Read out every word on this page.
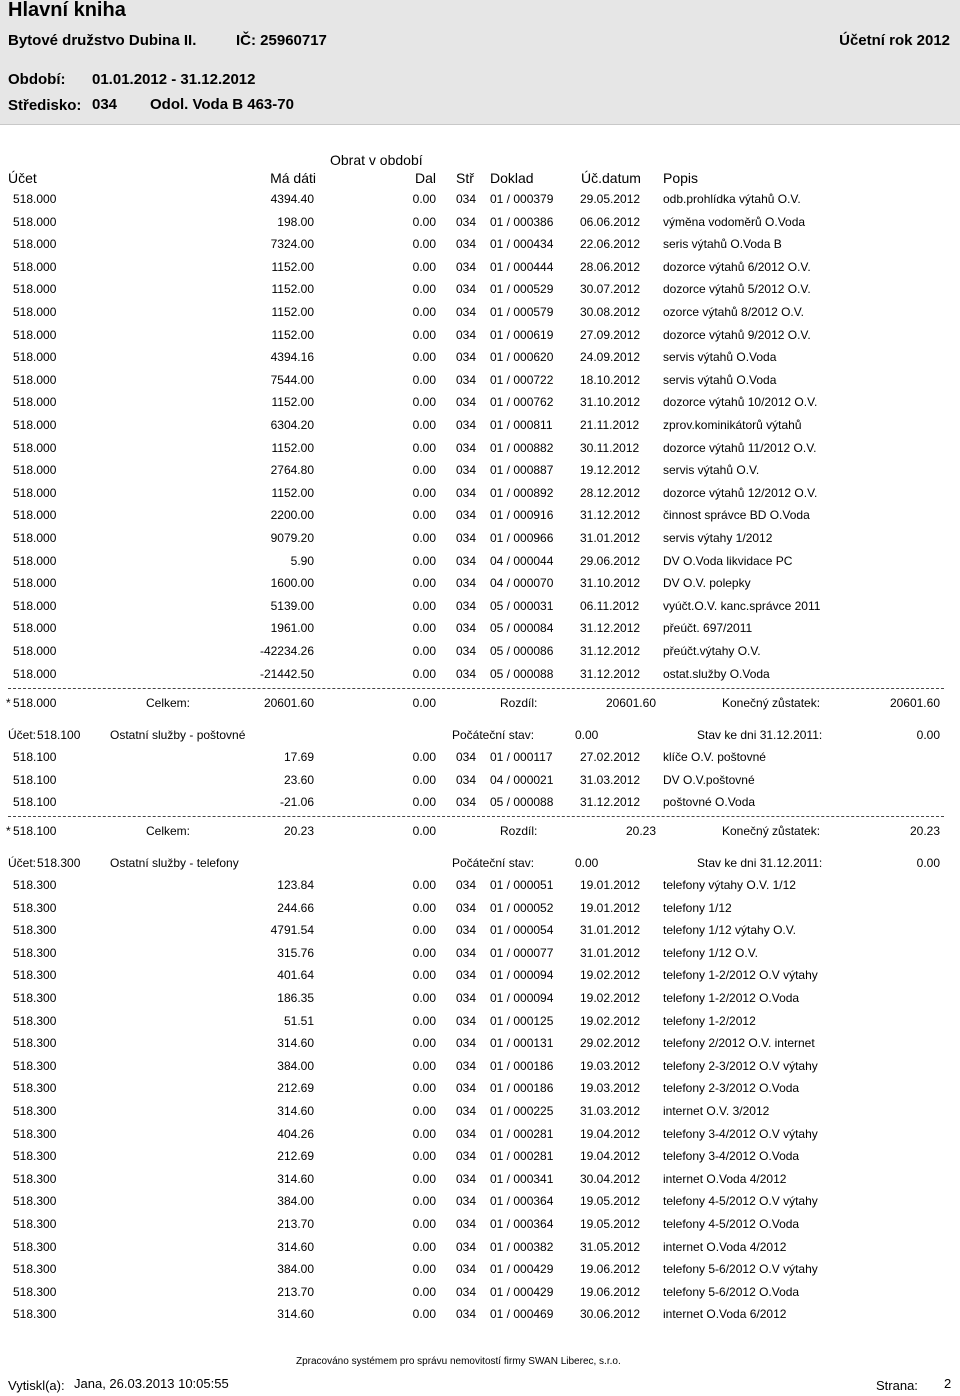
Hlavní kniha
Bytové družstvo Dubina II.	IČ: 25960717	Účetní rok 2012
Období: 01.01.2012 - 31.12.2012
Středisko: 034 Odol. Voda B 463-70
Obrat v období
Účet	Má dáti	Dal Stř Doklad	Úč.datum Popis
518.000	4394.40	0.00 034 01 / 000379 29.05.2012 odb.prohlídka výtahů O.V.
518.000	198.00	0.00 034 01 / 000386 06.06.2012 výměna vodoměrů O.Voda
518.000	7324.00	0.00 034 01 / 000434 22.06.2012 seris výtahů O.Voda B
518.000	1152.00	0.00 034 01 / 000444 28.06.2012 dozorce výtahů 6/2012 O.V.
518.000	1152.00	0.00 034 01 / 000529 30.07.2012 dozorce výtahů 5/2012 O.V.
518.000	1152.00	0.00 034 01 / 000579 30.08.2012 ozorce výtahů 8/2012 O.V.
518.000	1152.00	0.00 034 01 / 000619 27.09.2012 dozorce výtahů 9/2012 O.V.
518.000	4394.16	0.00 034 01 / 000620 24.09.2012 servis výtahů O.Voda
518.000	7544.00	0.00 034 01 / 000722 18.10.2012 servis výtahů O.Voda
518.000	1152.00	0.00 034 01 / 000762 31.10.2012 dozorce výtahů 10/2012 O.V.
518.000	6304.20	0.00 034 01 / 000811 21.11.2012 zprov.kominikátorů výtahů
518.000	1152.00	0.00 034 01 / 000882 30.11.2012 dozorce výtahů 11/2012 O.V.
518.000	2764.80	0.00 034 01 / 000887 19.12.2012 servis výtahů O.V.
518.000	1152.00	0.00 034 01 / 000892 28.12.2012 dozorce výtahů 12/2012 O.V.
518.000	2200.00	0.00 034 01 / 000916 31.12.2012 činnost správce BD O.Voda
518.000	9079.20	0.00 034 01 / 000966 31.01.2012 servis výtahy 1/2012
518.000	5.90	0.00 034 04 / 000044 29.06.2012 DV O.Voda likvidace PC
518.000	1600.00	0.00 034 04 / 000070 31.10.2012 DV O.V. polepky
518.000	5139.00	0.00 034 05 / 000031 06.11.2012 vyúčt.O.V. kanc.správce 2011
518.000	1961.00	0.00 034 05 / 000084 31.12.2012 přeúčt. 697/2011
518.000	-42234.26	0.00 034 05 / 000086 31.12.2012 přeúčt.výtahy O.V.
518.000	-21442.50	0.00 034 05 / 000088 31.12.2012 ostat.služby O.Voda
* 518.000	Celkem:	20601.60	0.00	Rozdíl:	20601.60	Konečný zůstatek:	20601.60
Účet: 518.100 Ostatní služby - poštovné	Počáteční stav:	0.00	Stav ke dni 31.12.2011:	0.00
518.100	17.69	0.00 034 01 / 000117 27.02.2012 klíče O.V. poštovné
518.100	23.60	0.00 034 04 / 000021 31.03.2012 DV O.V.poštovné
518.100	-21.06	0.00 034 05 / 000088 31.12.2012 poštovné O.Voda
* 518.100	Celkem:	20.23	0.00	Rozdíl:	20.23	Konečný zůstatek:	20.23
Účet: 518.300 Ostatní služby - telefony	Počáteční stav:	0.00	Stav ke dni 31.12.2011:	0.00
518.300	123.84	0.00 034 01 / 000051 19.01.2012 telefony výtahy O.V. 1/12
518.300	244.66	0.00 034 01 / 000052 19.01.2012 telefony 1/12
518.300	4791.54	0.00 034 01 / 000054 31.01.2012 telefony 1/12 výtahy O.V.
518.300	315.76	0.00 034 01 / 000077 31.01.2012 telefony 1/12 O.V.
518.300	401.64	0.00 034 01 / 000094 19.02.2012 telefony 1-2/2012 O.V výtahy
518.300	186.35	0.00 034 01 / 000094 19.02.2012 telefony 1-2/2012 O.Voda
518.300	51.51	0.00 034 01 / 000125 19.02.2012 telefony 1-2/2012
518.300	314.60	0.00 034 01 / 000131 29.02.2012 telefony 2/2012 O.V. internet
518.300	384.00	0.00 034 01 / 000186 19.03.2012 telefony 2-3/2012 O.V výtahy
518.300	212.69	0.00 034 01 / 000186 19.03.2012 telefony 2-3/2012 O.Voda
518.300	314.60	0.00 034 01 / 000225 31.03.2012 internet O.V. 3/2012
518.300	404.26	0.00 034 01 / 000281 19.04.2012 telefony 3-4/2012 O.V výtahy
518.300	212.69	0.00 034 01 / 000281 19.04.2012 telefony 3-4/2012 O.Voda
518.300	314.60	0.00 034 01 / 000341 30.04.2012 internet O.Voda 4/2012
518.300	384.00	0.00 034 01 / 000364 19.05.2012 telefony 4-5/2012 O.V výtahy
518.300	213.70	0.00 034 01 / 000364 19.05.2012 telefony 4-5/2012 O.Voda
518.300	314.60	0.00 034 01 / 000382 31.05.2012 internet O.Voda 4/2012
518.300	384.00	0.00 034 01 / 000429 19.06.2012 telefony 5-6/2012 O.V výtahy
518.300	213.70	0.00 034 01 / 000429 19.06.2012 telefony 5-6/2012 O.Voda
518.300	314.60	0.00 034 01 / 000469 30.06.2012 internet O.Voda 6/2012
Zpracováno systémem pro správu nemovitostí firmy SWAN Liberec, s.r.o.
Vytiskl(a): Jana, 26.03.2013 10:05:55	Strana: 2
